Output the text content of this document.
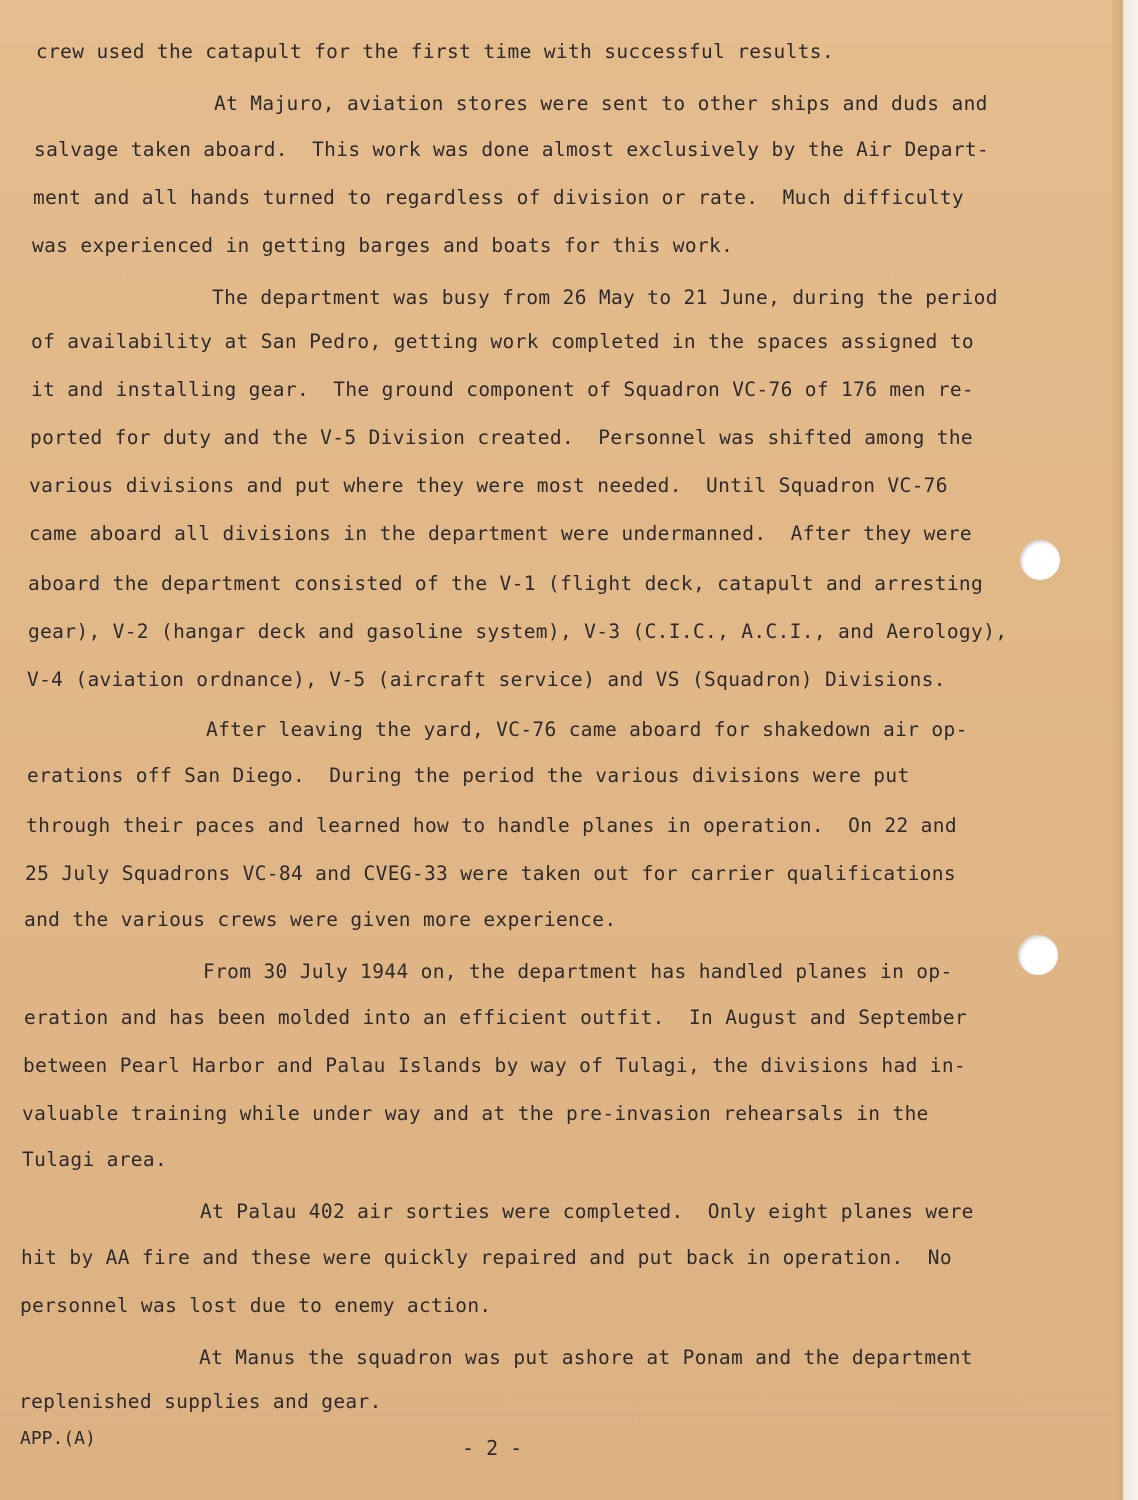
crew used the catapult for the first time with successful results.
At Majuro, aviation stores were sent to other ships and duds and
salvage taken aboard.  This work was done almost exclusively by the Air Depart-
ment and all hands turned to regardless of division or rate.  Much difficulty
was experienced in getting barges and boats for this work.
The department was busy from 26 May to 21 June, during the period
of availability at San Pedro, getting work completed in the spaces assigned to
it and installing gear.  The ground component of Squadron VC-76 of 176 men re-
ported for duty and the V-5 Division created.  Personnel was shifted among the
various divisions and put where they were most needed.  Until Squadron VC-76
came aboard all divisions in the department were undermanned.  After they were
aboard the department consisted of the V-1 (flight deck, catapult and arresting
gear), V-2 (hangar deck and gasoline system), V-3 (C.I.C., A.C.I., and Aerology),
V-4 (aviation ordnance), V-5 (aircraft service) and VS (Squadron) Divisions.
After leaving the yard, VC-76 came aboard for shakedown air op-
erations off San Diego.  During the period the various divisions were put
through their paces and learned how to handle planes in operation.  On 22 and
25 July Squadrons VC-84 and CVEG-33 were taken out for carrier qualifications
and the various crews were given more experience.
From 30 July 1944 on, the department has handled planes in op-
eration and has been molded into an efficient outfit.  In August and September
between Pearl Harbor and Palau Islands by way of Tulagi, the divisions had in-
valuable training while under way and at the pre-invasion rehearsals in the
Tulagi area.
At Palau 402 air sorties were completed.  Only eight planes were
hit by AA fire and these were quickly repaired and put back in operation.  No
personnel was lost due to enemy action.
At Manus the squadron was put ashore at Ponam and the department
replenished supplies and gear.
APP.(A)	- 2 -
